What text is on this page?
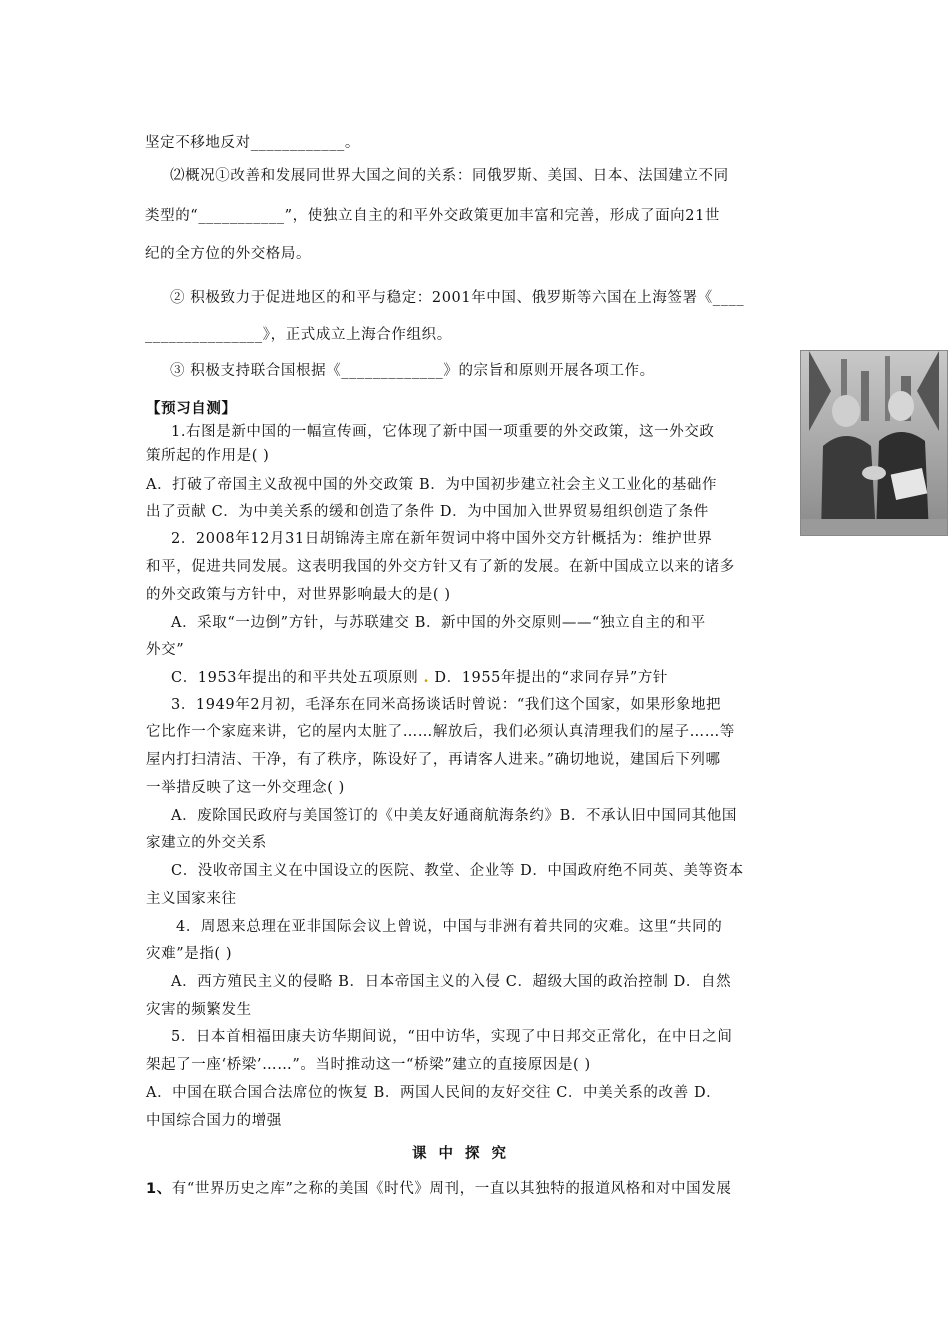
坚定不移地反对____________。
⑵概况①改善和发展同世界大国之间的关系：同俄罗斯、美国、日本、法国建立不同
类型的“___________”，使独立自主的和平外交政策更加丰富和完善，形成了面向21世
纪的全方位的外交格局。
② 积极致力于促进地区的和平与稳定：2001年中国、俄罗斯等六国在上海签署《____
_______________》，正式成立上海合作组织。
③ 积极支持联合国根据《_____________》的宗旨和原则开展各项工作。
【预习自测】
1.右图是新中国的一幅宣传画，它体现了新中国一项重要的外交政策，这一外交政
策所起的作用是( )
A．打破了帝国主义敌视中国的外交政策 B．为中国初步建立社会主义工业化的基础作
出了贡献 C．为中美关系的缓和创造了条件 D．为中国加入世界贸易组织创造了条件
2．2008年12月31日胡锦涛主席在新年贺词中将中国外交方针概括为：维护世界
和平，促进共同发展。这表明我国的外交方针又有了新的发展。在新中国成立以来的诸多
的外交政策与方针中，对世界影响最大的是( )
A．采取“一边倒”方针，与苏联建交 B．新中国的外交原则——“独立自主的和平
外交”
C．1953年提出的和平共处五项原则 . D．1955年提出的“求同存异”方针
3．1949年2月初，毛泽东在同米高扬谈话时曾说：“我们这个国家，如果形象地把
它比作一个家庭来讲，它的屋内太脏了……解放后，我们必须认真清理我们的屋子……等
屋内打扫清洁、干净，有了秩序，陈设好了，再请客人进来。”确切地说，建国后下列哪
一举措反映了这一外交理念( )
A．废除国民政府与美国签订的《中美友好通商航海条约》B．不承认旧中国同其他国
家建立的外交关系
C．没收帝国主义在中国设立的医院、教堂、企业等 D．中国政府绝不同英、美等资本
主义国家来往
4．周恩来总理在亚非国际会议上曾说，中国与非洲有着共同的灾难。这里“共同的
灾难”是指( )
A．西方殖民主义的侵略 B．日本帝国主义的入侵 C．超级大国的政治控制 D．自然
灾害的频繁发生
5．日本首相福田康夫访华期间说，“田中访华，实现了中日邦交正常化，在中日之间
架起了一座‘桥梁’……”。当时推动这一“桥梁”建立的直接原因是( )
A．中国在联合国合法席位的恢复 B．两国人民间的友好交往 C．中美关系的改善 D．
中国综合国力的增强
课中探究
1、有“世界历史之库”之称的美国《时代》周刊，一直以其独特的报道风格和对中国发展
